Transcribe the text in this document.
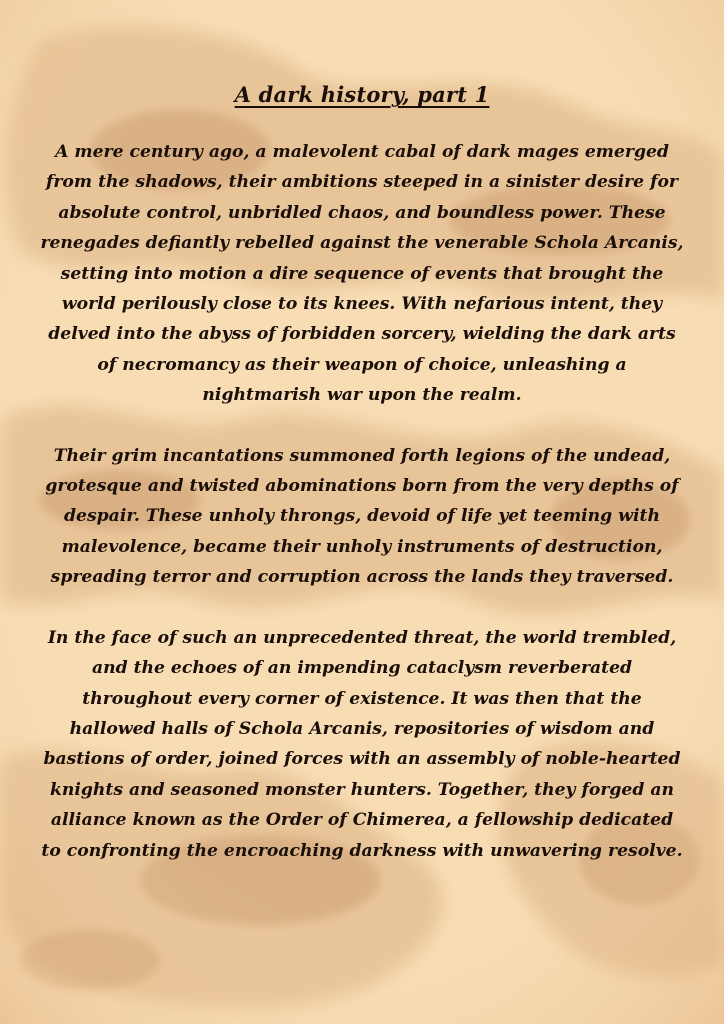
A dark history, part 1

A mere century ago, a malevolent cabal of dark mages emerged from the shadows, their ambitions steeped in a sinister desire for absolute control, unbridled chaos, and boundless power. These renegades defiantly rebelled against the venerable Schola Arcanis, setting into motion a dire sequence of events that brought the world perilously close to its knees. With nefarious intent, they delved into the abyss of forbidden sorcery, wielding the dark arts of necromancy as their weapon of choice, unleashing a nightmarish war upon the realm.

Their grim incantations summoned forth legions of the undead, grotesque and twisted abominations born from the very depths of despair. These unholy throngs, devoid of life yet teeming with malevolence, became their unholy instruments of destruction, spreading terror and corruption across the lands they traversed.

In the face of such an unprecedented threat, the world trembled, and the echoes of an impending cataclysm reverberated throughout every corner of existence. It was then that the hallowed halls of Schola Arcanis, repositories of wisdom and bastions of order, joined forces with an assembly of noble-hearted knights and seasoned monster hunters. Together, they forged an alliance known as the Order of Chimerea, a fellowship dedicated to confronting the encroaching darkness with unwavering resolve.
